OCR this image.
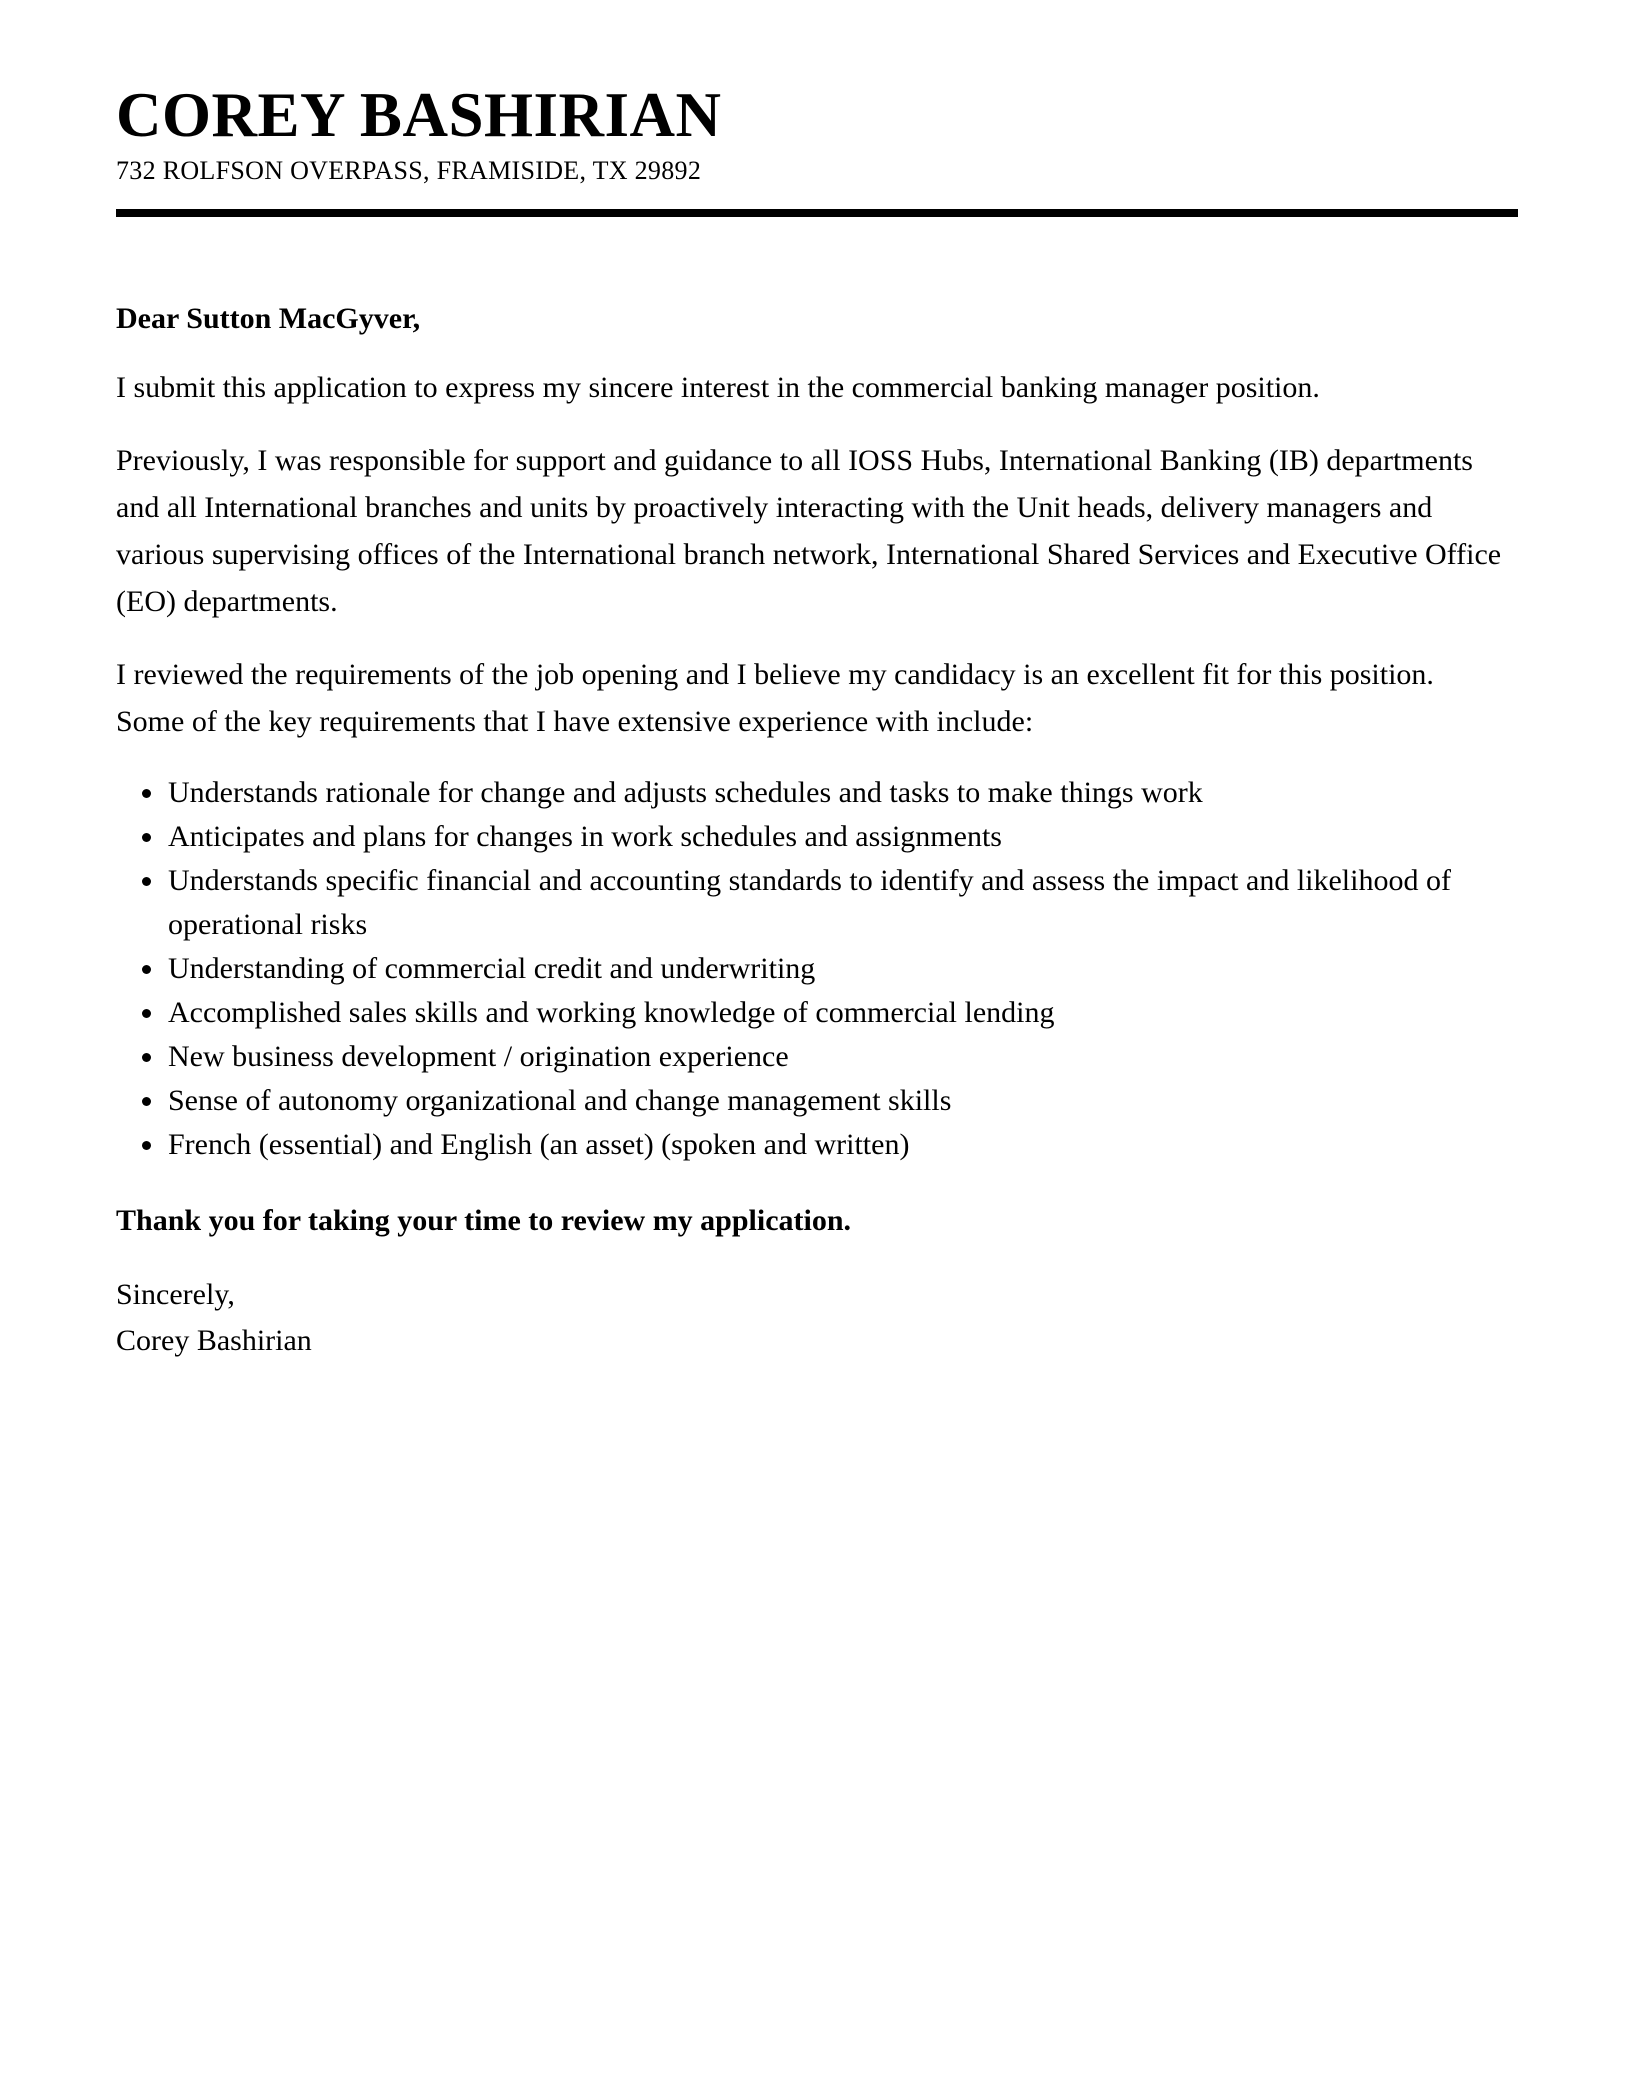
COREY BASHIRIAN
732 ROLFSON OVERPASS, FRAMISIDE, TX 29892

Dear Sutton MacGyver,

I submit this application to express my sincere interest in the commercial banking manager position.

Previously, I was responsible for support and guidance to all IOSS Hubs, International Banking (IB) departments and all International branches and units by proactively interacting with the Unit heads, delivery managers and various supervising offices of the International branch network, International Shared Services and Executive Office (EO) departments.

I reviewed the requirements of the job opening and I believe my candidacy is an excellent fit for this position. Some of the key requirements that I have extensive experience with include:

• Understands rationale for change and adjusts schedules and tasks to make things work
• Anticipates and plans for changes in work schedules and assignments
• Understands specific financial and accounting standards to identify and assess the impact and likelihood of operational risks
• Understanding of commercial credit and underwriting
• Accomplished sales skills and working knowledge of commercial lending
• New business development / origination experience
• Sense of autonomy organizational and change management skills
• French (essential) and English (an asset) (spoken and written)

Thank you for taking your time to review my application.

Sincerely,

Corey Bashirian
